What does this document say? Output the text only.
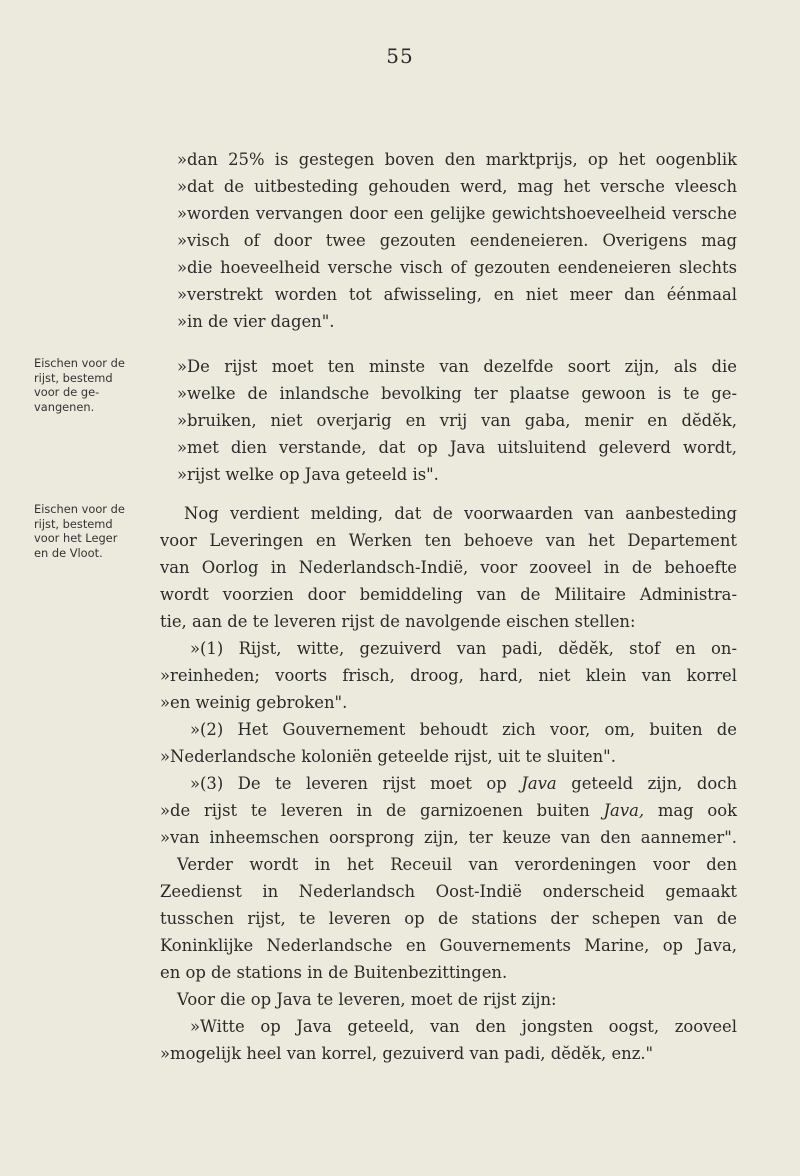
55
Eischen voor de
rijst, bestemd
voor de ge-
vangenen.
Eischen voor de
rijst, bestemd
voor het Leger
en de Vloot.
»dan 25% is gestegen boven den marktprijs, op het oogenblik
»dat de uitbesteding gehouden werd, mag het versche vleesch
»worden vervangen door een gelijke gewichtshoeveelheid versche
»visch of door twee gezouten eendeneieren. Overigens mag
»die hoeveelheid versche visch of gezouten eendeneieren slechts
»verstrekt worden tot afwisseling, en niet meer dan éénmaal
»in de vier dagen".
»De rijst moet ten minste van dezelfde soort zijn, als die
»welke de inlandsche bevolking ter plaatse gewoon is te ge-
»bruiken, niet overjarig en vrij van gaba, menir en dĕdĕk,
»met dien verstande, dat op Java uitsluitend geleverd wordt,
»rijst welke op Java geteeld is".
Nog verdient melding, dat de voorwaarden van aanbesteding
voor Leveringen en Werken ten behoeve van het Departement
van Oorlog in Nederlandsch-Indië, voor zooveel in de behoefte
wordt voorzien door bemiddeling van de Militaire Administra-
tie, aan de te leveren rijst de navolgende eischen stellen:
»(1) Rijst, witte, gezuiverd van padi, dĕdĕk, stof en on-
»reinheden; voorts frisch, droog, hard, niet klein van korrel
»en weinig gebroken".
»(2) Het Gouvernement behoudt zich voor, om, buiten de
»Nederlandsche koloniën geteelde rijst, uit te sluiten".
»(3) De te leveren rijst moet op Java geteeld zijn, doch
»de rijst te leveren in de garnizoenen buiten Java, mag ook
»van inheemschen oorsprong zijn, ter keuze van den aannemer".
Verder wordt in het Receuil van verordeningen voor den
Zeedienst in Nederlandsch Oost-Indië onderscheid gemaakt
tusschen rijst, te leveren op de stations der schepen van de
Koninklijke Nederlandsche en Gouvernements Marine, op Java,
en op de stations in de Buitenbezittingen.
Voor die op Java te leveren, moet de rijst zijn:
»Witte op Java geteeld, van den jongsten oogst, zooveel
»mogelijk heel van korrel, gezuiverd van padi, dĕdĕk, enz."
